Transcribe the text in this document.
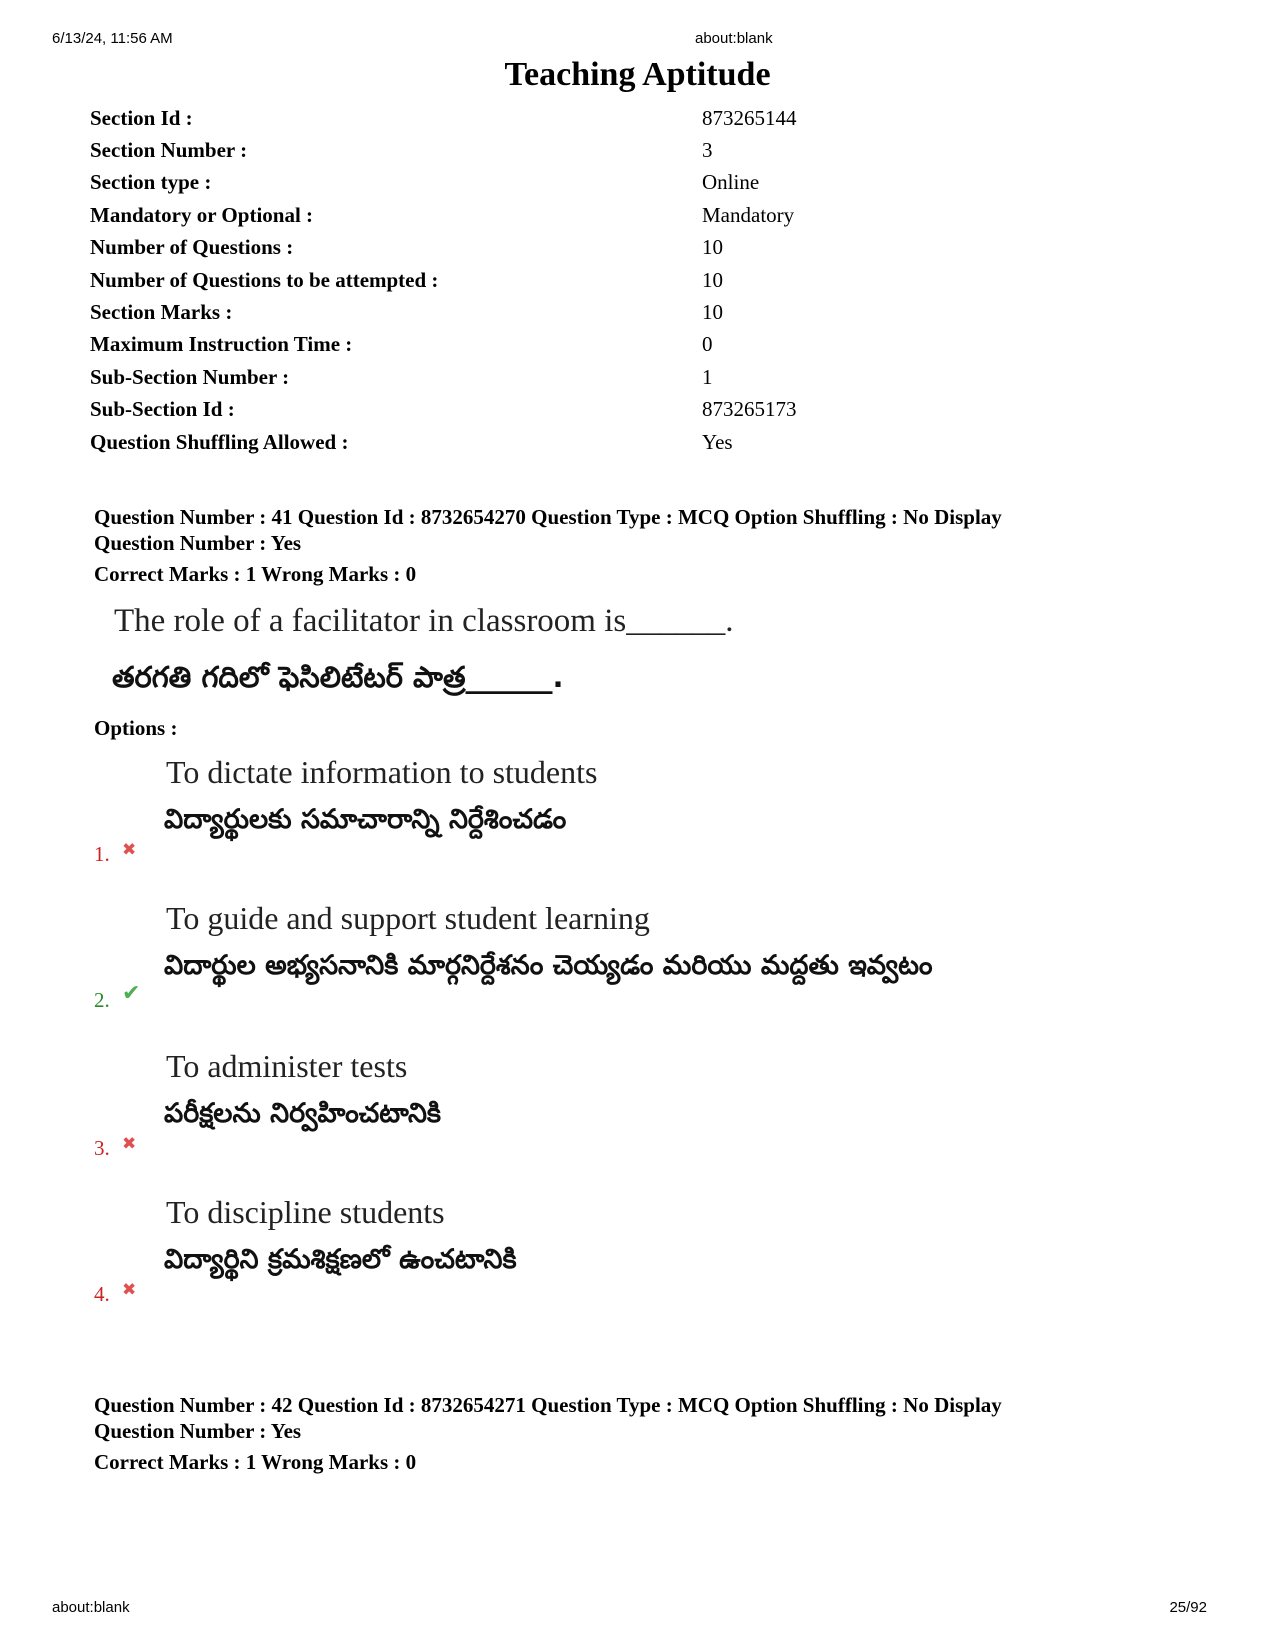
6/13/24, 11:56 AM	about:blank
Teaching Aptitude
Section Id :	873265144
Section Number :	3
Section type :	Online
Mandatory or Optional :	Mandatory
Number of Questions :	10
Number of Questions to be attempted :	10
Section Marks :	10
Maximum Instruction Time :	0
Sub-Section Number :	1
Sub-Section Id :	873265173
Question Shuffling Allowed :	Yes
Question Number : 41 Question Id : 8732654270 Question Type : MCQ Option Shuffling : No Display
Question Number : Yes
Correct Marks : 1 Wrong Marks : 0
The role of a facilitator in classroom is______.
తరగతి గదిలో ఫెసిలిటేటర్ పాత్ర______.
Options :
To dictate information to students
విద్యార్థులకు సమాచారాన్ని నిర్దేశించడం
1. ✖
To guide and support student learning
విదార్థుల అభ్యసనానికి మార్గనిర్దేశనం చెయ్యడం మరియు మద్దతు ఇవ్వటం
2. ✔
To administer tests
పరీక్షలను నిర్వహించటానికి
3. ✖
To discipline students
విద్యార్థిని క్రమశిక్షణలో ఉంచటానికి
4. ✖
Question Number : 42 Question Id : 8732654271 Question Type : MCQ Option Shuffling : No Display
Question Number : Yes
Correct Marks : 1 Wrong Marks : 0
about:blank	25/92
